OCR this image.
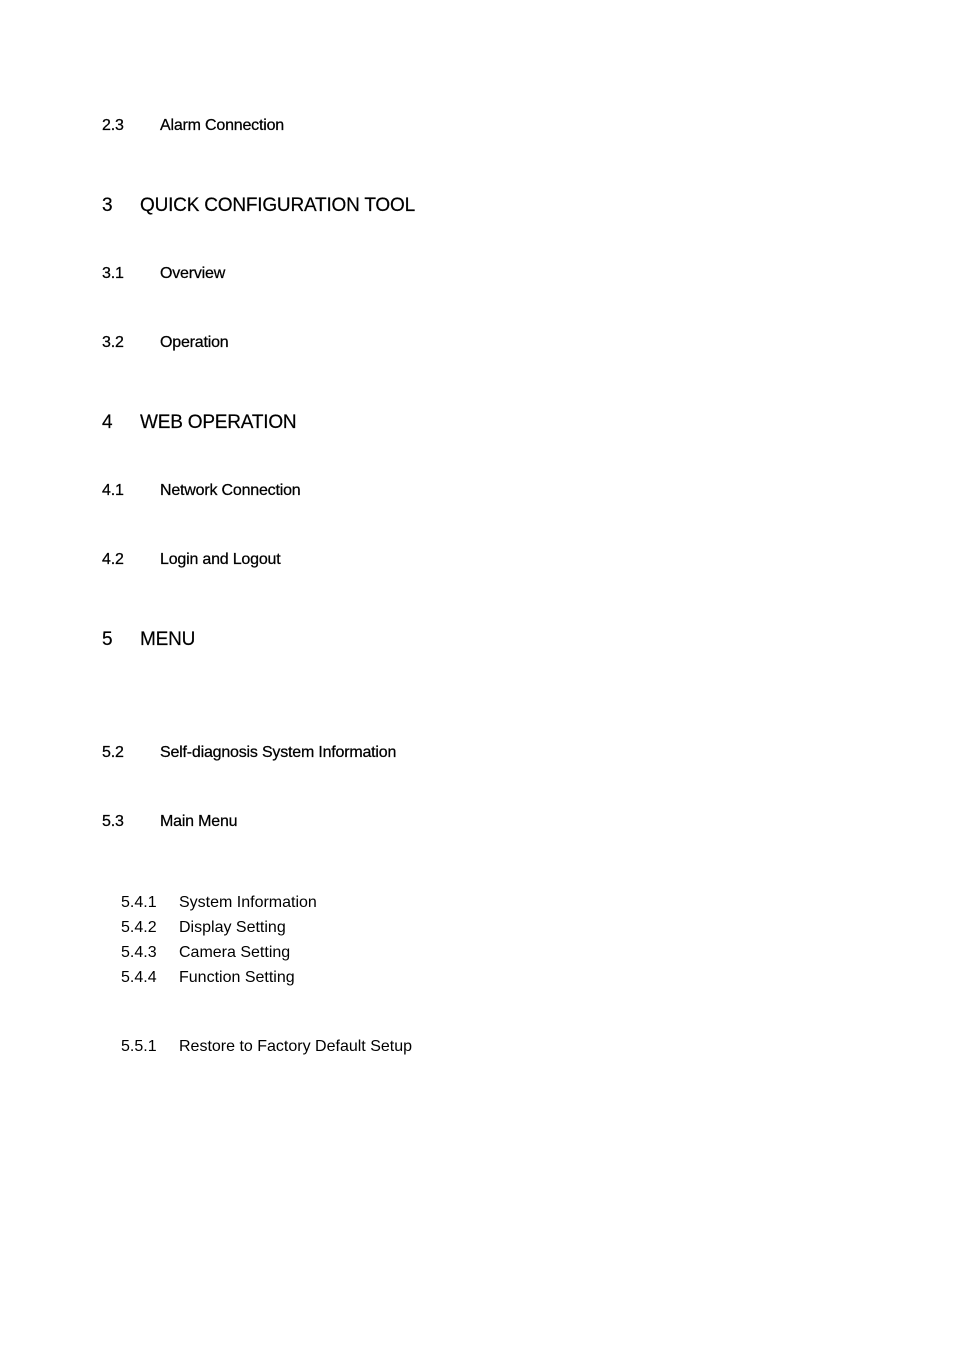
2.3 Alarm Connection
3 QUICK CONFIGURATION TOOL
3.1 Overview
3.2 Operation
4 WEB OPERATION
4.1 Network Connection
4.2 Login and Logout
5 MENU
5.2 Self-diagnosis System Information
5.3 Main Menu
5.4.1 System Information
5.4.2 Display Setting
5.4.3 Camera Setting
5.4.4 Function Setting
5.5.1 Restore to Factory Default Setup
